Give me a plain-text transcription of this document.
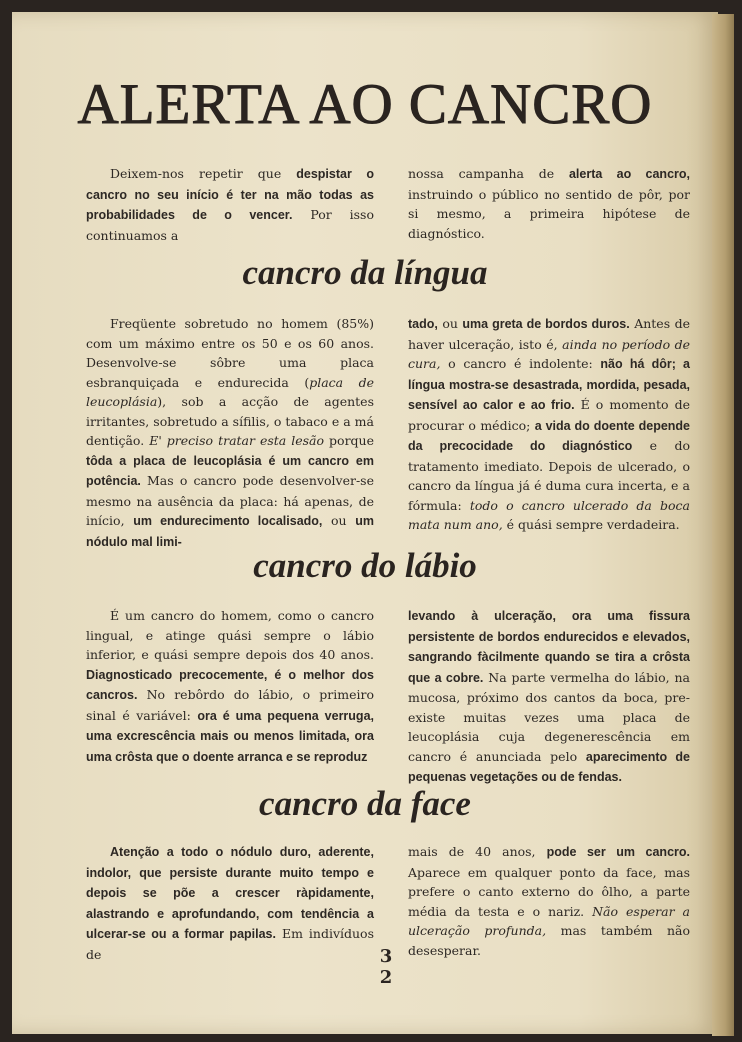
ALERTA AO CANCRO

Deixem-nos repetir que despistar o cancro no seu início é ter na mão todas as probabilidades de o vencer. Por isso continuamos a

nossa campanha de alerta ao cancro, instruindo o público no sentido de pôr, por si mesmo, a primeira hipótese de diagnóstico.

cancro da língua

Freqüente sobretudo no homem (85%) com um máximo entre os 50 e os 60 anos. Desenvolve-se sôbre uma placa esbranquiçada e endurecida (placa de leucoplásia), sob a acção de agentes irritantes, sobretudo a sífilis, o tabaco e a má dentição. E' preciso tratar esta lesão porque tôda a placa de leucoplásia é um cancro em potência. Mas o cancro pode desenvolver-se mesmo na ausência da placa: há apenas, de início, um endurecimento localisado, ou um nódulo mal limi-

tado, ou uma greta de bordos duros. Antes de haver ulceração, isto é, ainda no período de cura, o cancro é indolente: não há dôr; a língua mostra-se desastrada, mordida, pesada, sensível ao calor e ao frio. É o momento de procurar o médico; a vida do doente depende da precocidade do diagnóstico e do tratamento imediato. Depois de ulcerado, o cancro da língua já é duma cura incerta, e a fórmula: todo o cancro ulcerado da boca mata num ano, é quási sempre verdadeira.

cancro do lábio

É um cancro do homem, como o cancro lingual, e atinge quási sempre o lábio inferior, e quási sempre depois dos 40 anos. Diagnosticado precocemente, é o melhor dos cancros. No rebôrdo do lábio, o primeiro sinal é variável: ora é uma pequena verruga, uma excrescência mais ou menos limitada, ora uma crôsta que o doente arranca e se reproduz

levando à ulceração, ora uma fissura persistente de bordos endurecidos e elevados, sangrando fàcilmente quando se tira a crôsta que a cobre. Na parte vermelha do lábio, na mucosa, próximo dos cantos da boca, pre-existe muitas vezes uma placa de leucoplásia cuja degenerescência em cancro é anunciada pelo aparecimento de pequenas vegetações ou de fendas.

cancro da face

Atenção a todo o nódulo duro, aderente, indolor, que persiste durante muito tempo e depois se põe a crescer ràpidamente, alastrando e aprofundando, com tendência a ulcerar-se ou a formar papilas. Em indivíduos de

mais de 40 anos, pode ser um cancro. Aparece em qualquer ponto da face, mas prefere o canto externo do ôlho, a parte média da testa e o nariz. Não esperar a ulceração profunda, mas também não desesperar.

3 2
